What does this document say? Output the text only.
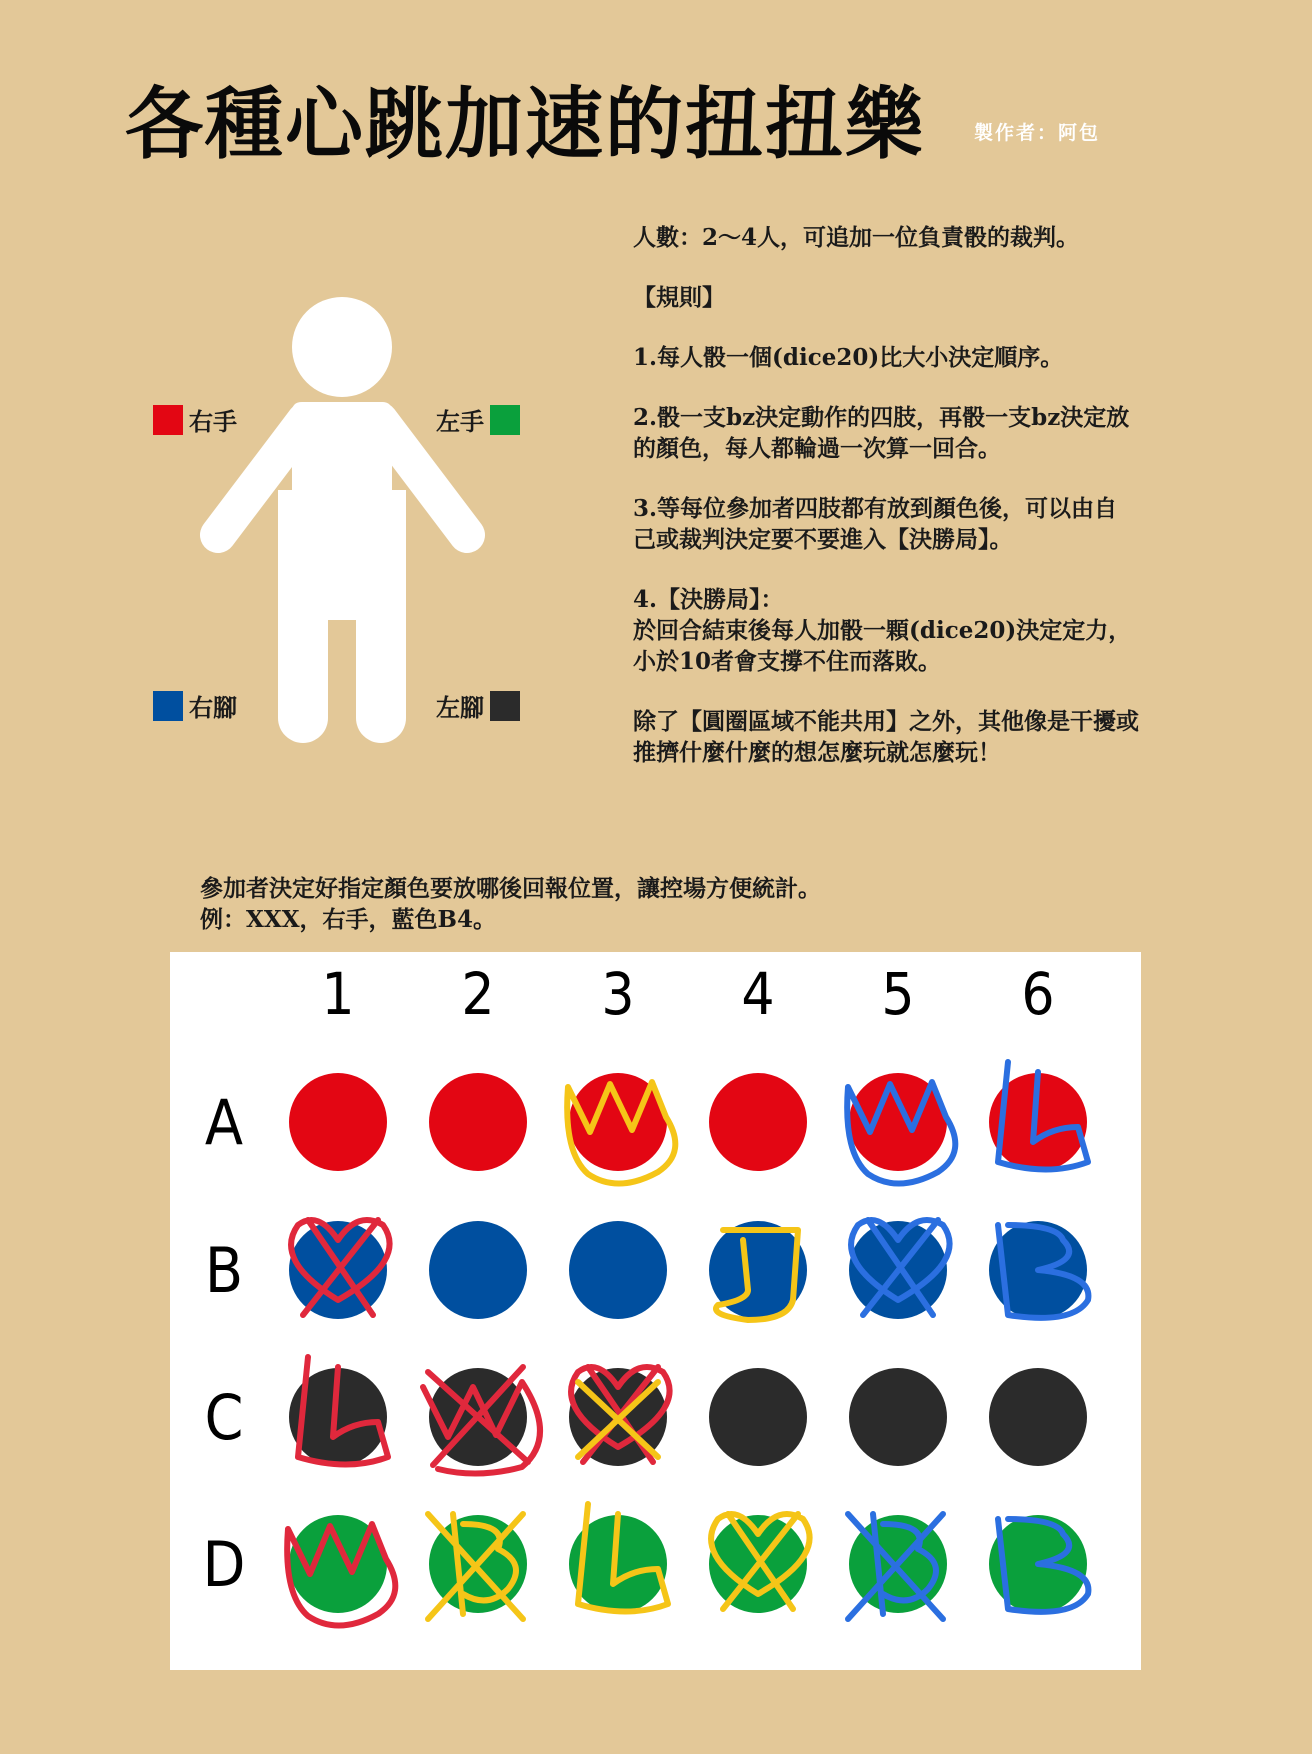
各種心跳加速的扭扭樂	製作者：阿包
右手	左手
右腳	左腳

人數：2～4人，可追加一位負責骰的裁判。

【規則】

1.每人骰一個(dice20)比大小決定順序。

2.骰一支bz決定動作的四肢，再骰一支bz決定放
的顏色，每人都輪過一次算一回合。

3.等每位參加者四肢都有放到顏色後，可以由自
己或裁判決定要不要進入【決勝局】。

4.【決勝局】：
於回合結束後每人加骰一顆(dice20)決定定力，
小於10者會支撐不住而落敗。

除了【圓圈區域不能共用】之外，其他像是干擾或
推擠什麼什麼的想怎麼玩就怎麼玩！

參加者決定好指定顏色要放哪後回報位置，讓控場方便統計。
例：XXX，右手，藍色B4。
1 2 3 4 5 6
A
B
C
D
